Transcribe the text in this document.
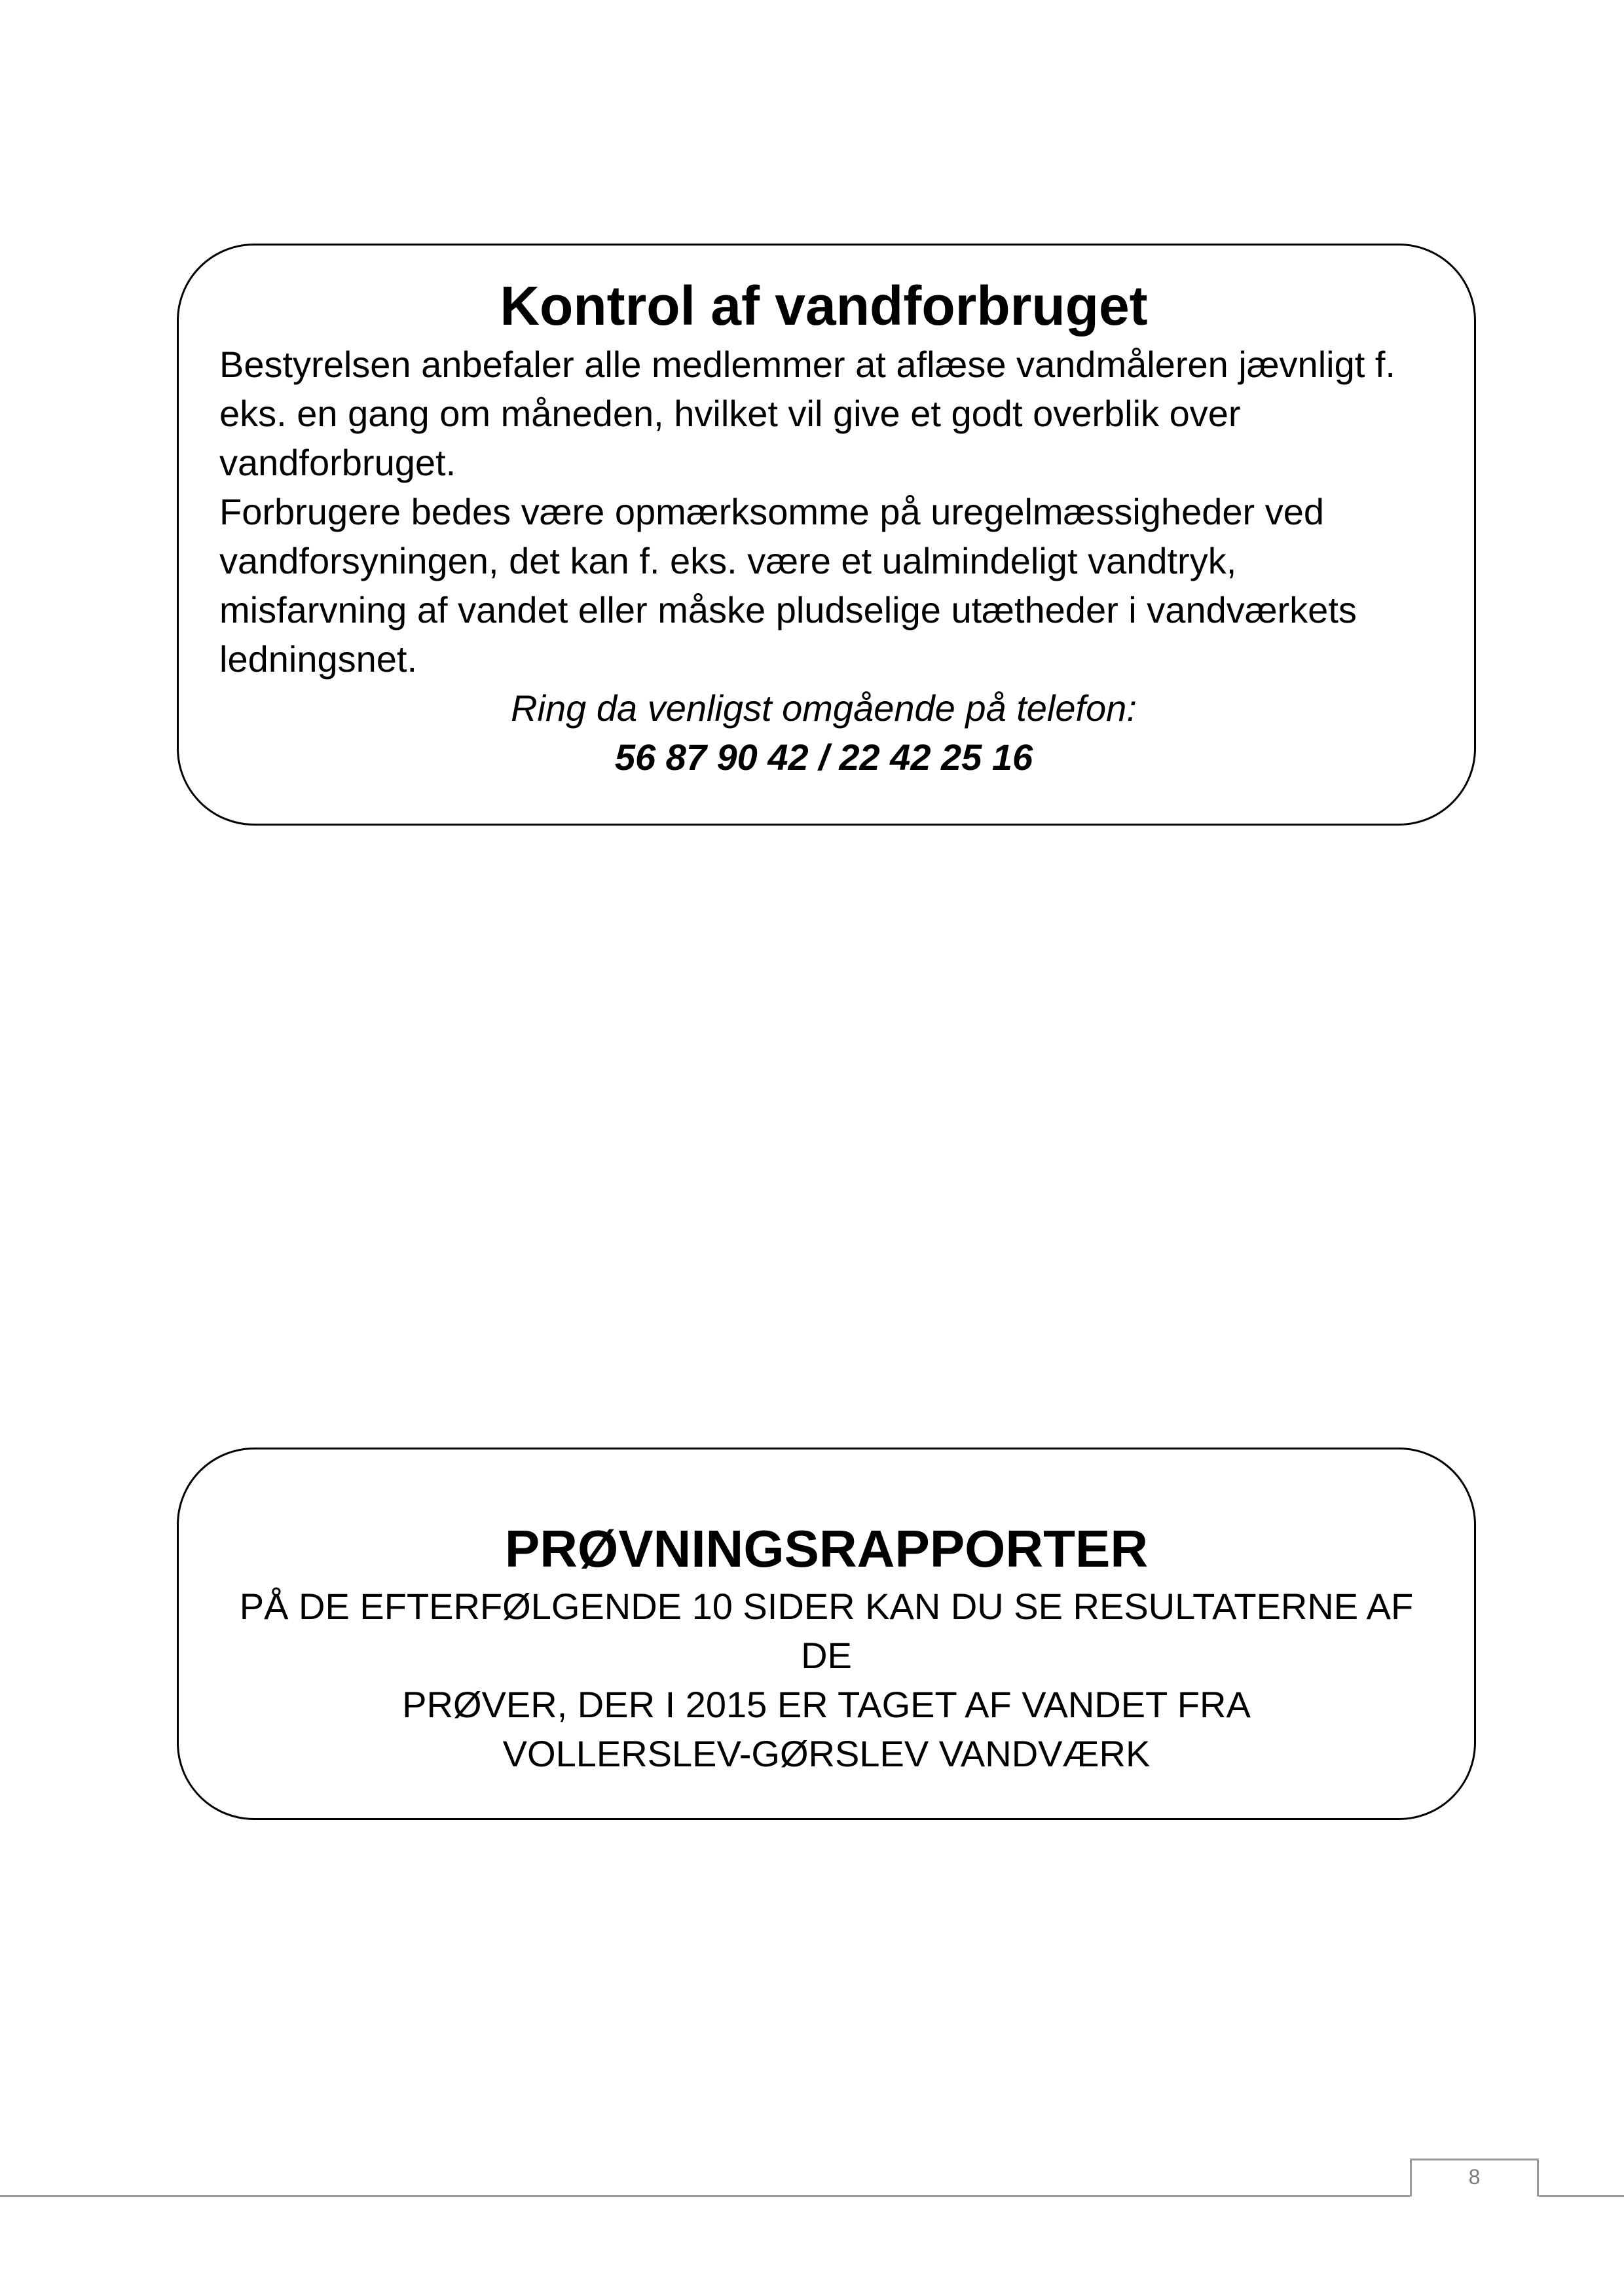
Kontrol af vandforbruget

Bestyrelsen anbefaler alle medlemmer at aflæse vandmåleren jævnligt f. eks. en gang om måneden, hvilket vil give et godt overblik over vandforbruget.

Forbrugere bedes være opmærksomme på uregelmæssigheder ved vandforsyningen, det kan f. eks. være et ualmindeligt vandtryk, misfarvning af vandet eller måske pludselige utætheder i vandværkets ledningsnet.

Ring da venligst omgående på telefon:

56 87 90 42 / 22 42 25 16

PRØVNINGSRAPPORTER

PÅ DE EFTERFØLGENDE 10 SIDER KAN DU SE RESULTATERNE AF DE

PRØVER, DER I 2015 ER TAGET AF VANDET FRA

VOLLERSLEV-GØRSLEV VANDVÆRK

8
